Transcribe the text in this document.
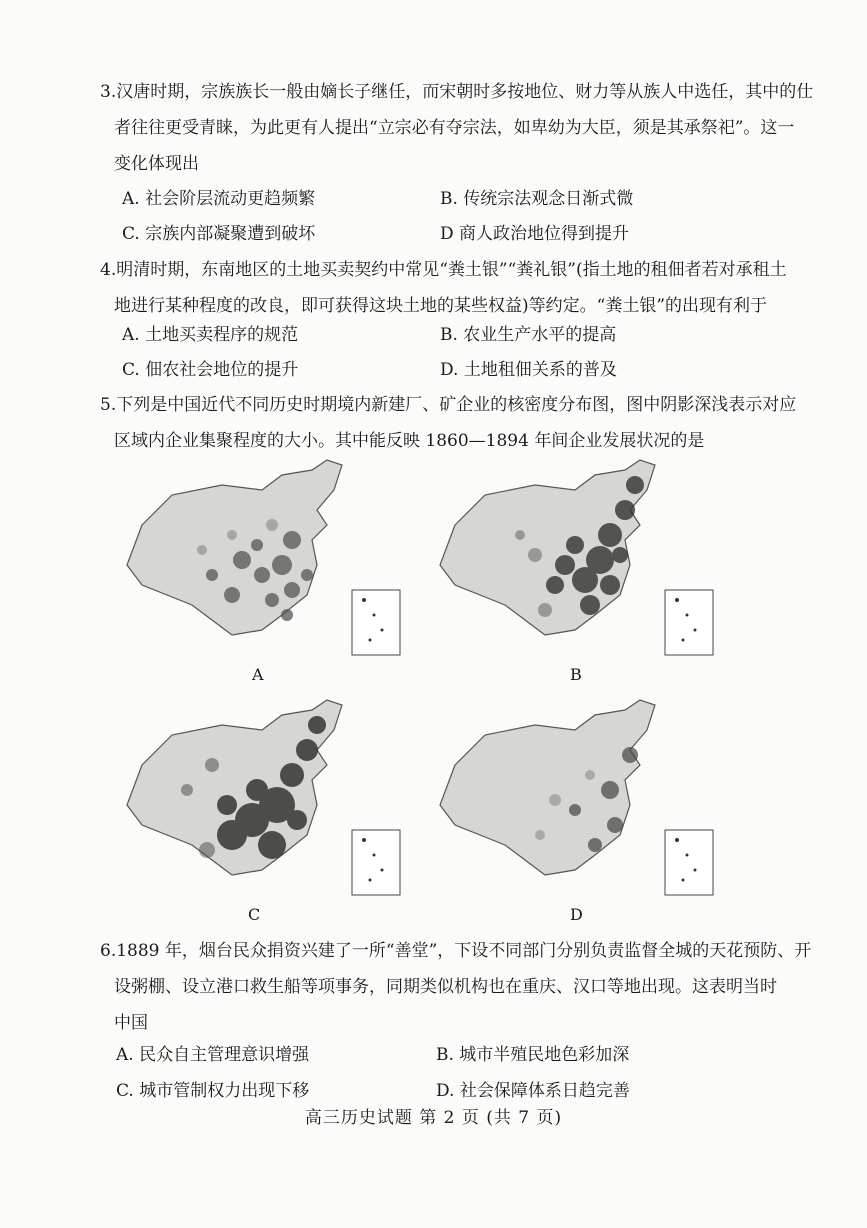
3.汉唐时期，宗族族长一般由嫡长子继任，而宋朝时多按地位、财力等从族人中选任，其中的仕
者往往更受青睐，为此更有人提出“立宗必有夺宗法，如卑幼为大臣，须是其承祭祀”。这一
变化体现出
A. 社会阶层流动更趋频繁	B. 传统宗法观念日渐式微
C. 宗族内部凝聚遭到破坏	D 商人政治地位得到提升
4.明清时期，东南地区的土地买卖契约中常见“粪土银”“粪礼银”(指土地的租佃者若对承租土
地进行某种程度的改良，即可获得这块土地的某些权益)等约定。“粪土银”的出现有利于
A. 土地买卖程序的规范	B. 农业生产水平的提高
C. 佃农社会地位的提升	D. 土地租佃关系的普及
5.下列是中国近代不同历史时期境内新建厂、矿企业的核密度分布图，图中阴影深浅表示对应
区域内企业集聚程度的大小。其中能反映 1860—1894 年间企业发展状况的是
A	B
C	D
6.1889 年，烟台民众捐资兴建了一所“善堂”，下设不同部门分别负责监督全城的天花预防、开
设粥棚、设立港口救生船等项事务，同期类似机构也在重庆、汉口等地出现。这表明当时
中国
A. 民众自主管理意识增强	B. 城市半殖民地色彩加深
C. 城市管制权力出现下移	D. 社会保障体系日趋完善
高三历史试题 第 2 页 (共 7 页)
